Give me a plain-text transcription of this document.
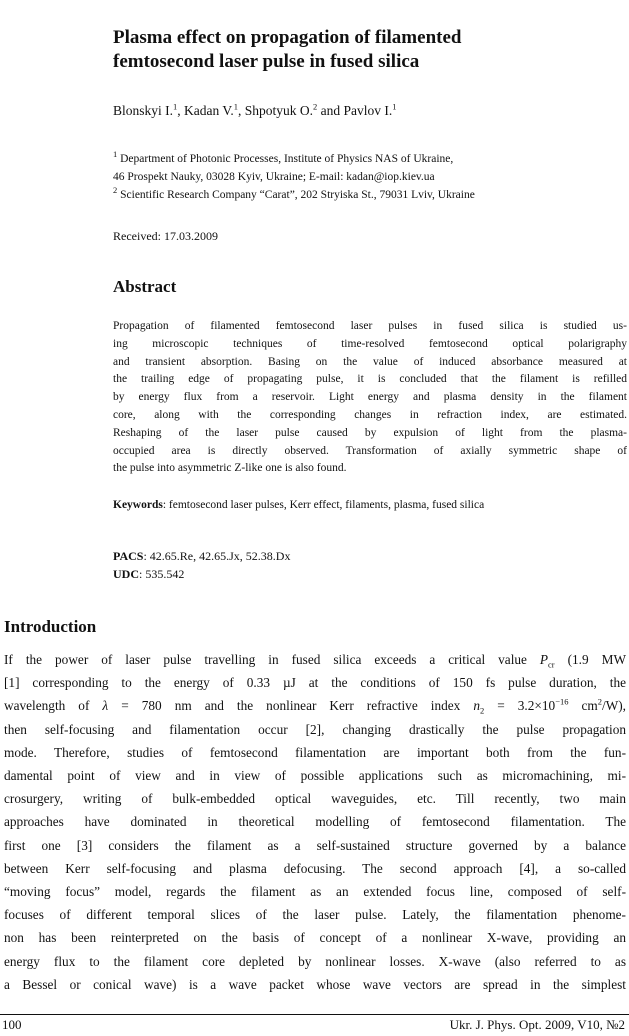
Plasma effect on propagation of filamented
femtosecond laser pulse in fused silica
Blonskyi I.$^1$, Kadan V.$^1$, Shpotyuk O.$^2$ and Pavlov I.$^1$
$^1$ Department of Photonic Processes, Institute of Physics NAS of Ukraine,
46 Prospekt Nauky, 03028 Kyiv, Ukraine; E-mail: kadan@iop.kiev.ua
$^2$ Scientific Research Company “Carat”, 202 Stryiska St., 79031 Lviv, Ukraine
Received: 17.03.2009
Abstract
Propagation of filamented femtosecond laser pulses in fused silica is studied us-
ing microscopic techniques of time-resolved femtosecond optical polarigraphy
and transient absorption. Basing on the value of induced absorbance measured at
the trailing edge of propagating pulse, it is concluded that the filament is refilled
by energy flux from a reservoir. Light energy and plasma density in the filament
core, along with the corresponding changes in refraction index, are estimated.
Reshaping of the laser pulse caused by expulsion of light from the plasma-
occupied area is directly observed. Transformation of axially symmetric shape of
the pulse into asymmetric Z-like one is also found.
Keywords: femtosecond laser pulses, Kerr effect, filaments, plasma, fused silica
PACS: 42.65.Re, 42.65.Jx, 52.38.Dx
UDC: 535.542
Introduction
If the power of laser pulse travelling in fused silica exceeds a critical value $P_{cr}$ (1.9 MW
[1] corresponding to the energy of 0.33 µJ at the conditions of 150 fs pulse duration, the
wavelength of λ = 780 nm and the nonlinear Kerr refractive index $n_2 = 3.2\times 10^{-16}$ $cm^2/W$),
then self-focusing and filamentation occur [2], changing drastically the pulse propagation
mode. Therefore, studies of femtosecond filamentation are important both from the fun-
damental point of view and in view of possible applications such as micromachining, mi-
crosurgery, writing of bulk-embedded optical waveguides, etc. Till recently, two main
approaches have dominated in theoretical modelling of femtosecond filamentation. The
first one [3] considers the filament as a self-sustained structure governed by a balance
between Kerr self-focusing and plasma defocusing. The second approach [4], a so-called
“moving focus” model, regards the filament as an extended focus line, composed of self-
focuses of different temporal slices of the laser pulse. Lately, the filamentation phenome-
non has been reinterpreted on the basis of concept of a nonlinear X-wave, providing an
energy flux to the filament core depleted by nonlinear losses. X-wave (also referred to as
a Bessel or conical wave) is a wave packet whose wave vectors are spread in the simplest
100	Ukr. J. Phys. Opt. 2009, V10, №2
